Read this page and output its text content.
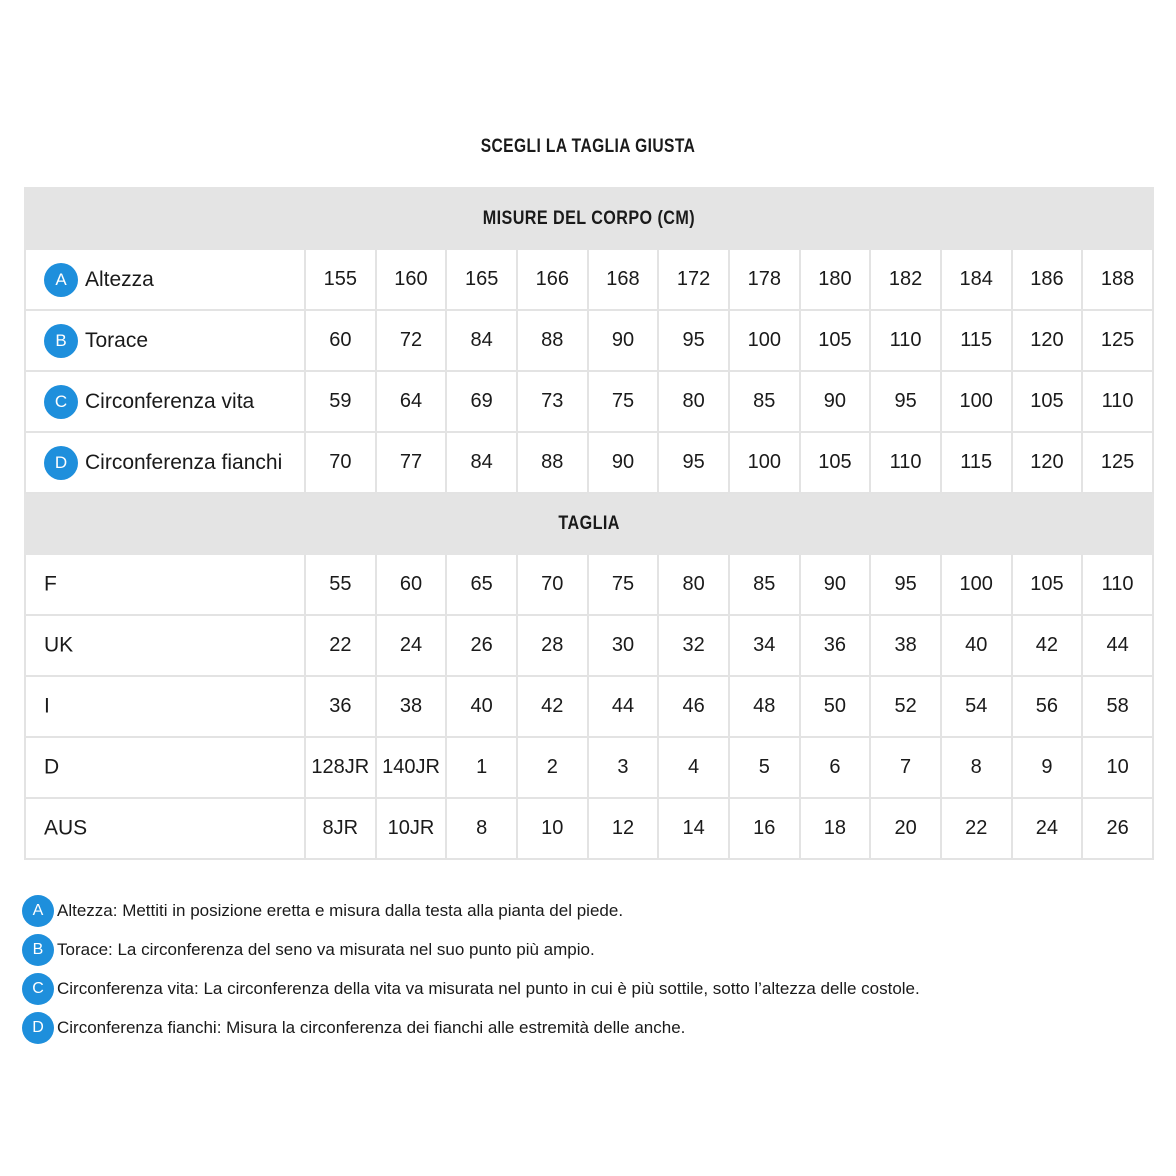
SCEGLI LA TAGLIA GIUSTA
MISURE DEL CORPO (CM)												
A Altezza	155	160	165	166	168	172	178	180	182	184	186	188
B Torace	60	72	84	88	90	95	100	105	110	115	120	125
C Circonferenza vita	59	64	69	73	75	80	85	90	95	100	105	110
D Circonferenza fianchi	70	77	84	88	90	95	100	105	110	115	120	125
TAGLIA												
F	55	60	65	70	75	80	85	90	95	100	105	110
UK	22	24	26	28	30	32	34	36	38	40	42	44
I	36	38	40	42	44	46	48	50	52	54	56	58
D	128JR	140JR	1	2	3	4	5	6	7	8	9	10
AUS	8JR	10JR	8	10	12	14	16	18	20	22	24	26
A Altezza: Mettiti in posizione eretta e misura dalla testa alla pianta del piede.
B Torace: La circonferenza del seno va misurata nel suo punto più ampio.
C Circonferenza vita: La circonferenza della vita va misurata nel punto in cui è più sottile, sotto l’altezza delle costole.
D Circonferenza fianchi: Misura la circonferenza dei fianchi alle estremità delle anche.
